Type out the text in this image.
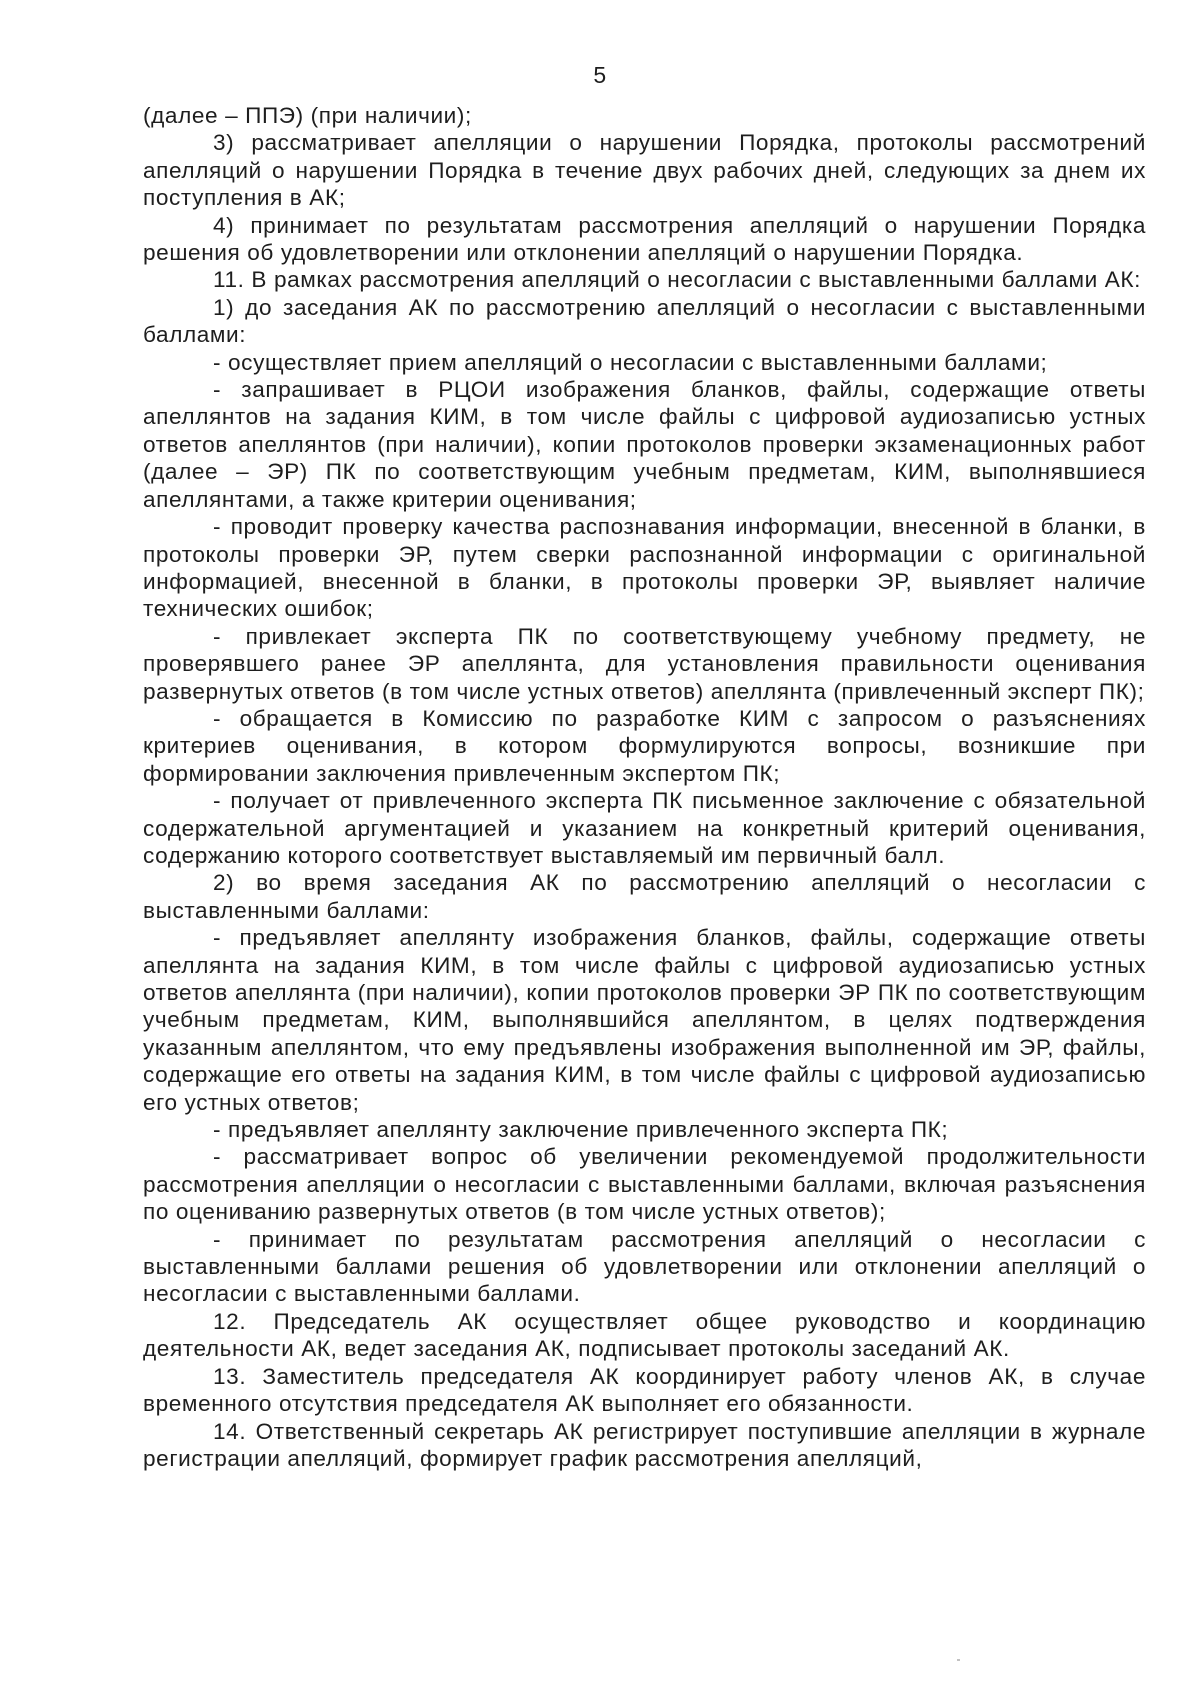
5

(далее – ППЭ) (при наличии);

3) рассматривает апелляции о нарушении Порядка, протоколы рассмотрений апелляций о нарушении Порядка в течение двух рабочих дней, следующих за днем их поступления в АК;

4) принимает по результатам рассмотрения апелляций о нарушении Порядка решения об удовлетворении или отклонении апелляций о нарушении Порядка.

11. В рамках рассмотрения апелляций о несогласии с выставленными баллами АК:

1) до заседания АК по рассмотрению апелляций о несогласии с выставленными баллами:

- осуществляет прием апелляций о несогласии с выставленными баллами;

- запрашивает в РЦОИ изображения бланков, файлы, содержащие ответы апеллянтов на задания КИМ, в том числе файлы с цифровой аудиозаписью устных ответов апеллянтов (при наличии), копии протоколов проверки экзаменационных работ (далее – ЭР) ПК по соответствующим учебным предметам, КИМ, выполнявшиеся апеллянтами, а также критерии оценивания;

- проводит проверку качества распознавания информации, внесенной в бланки, в протоколы проверки ЭР, путем сверки распознанной информации с оригинальной информацией, внесенной в бланки, в протоколы проверки ЭР, выявляет наличие технических ошибок;

- привлекает эксперта ПК по соответствующему учебному предмету, не проверявшего ранее ЭР апеллянта, для установления правильности оценивания развернутых ответов (в том числе устных ответов) апеллянта (привлеченный эксперт ПК);

- обращается в Комиссию по разработке КИМ с запросом о разъяснениях критериев оценивания, в котором формулируются вопросы, возникшие при формировании заключения привлеченным экспертом ПК;

- получает от привлеченного эксперта ПК письменное заключение с обязательной содержательной аргументацией и указанием на конкретный критерий оценивания, содержанию которого соответствует выставляемый им первичный балл.

2) во время заседания АК по рассмотрению апелляций о несогласии с выставленными баллами:

- предъявляет апеллянту изображения бланков, файлы, содержащие ответы апеллянта на задания КИМ, в том числе файлы с цифровой аудиозаписью устных ответов апеллянта (при наличии), копии протоколов проверки ЭР ПК по соответствующим учебным предметам, КИМ, выполнявшийся апеллянтом, в целях подтверждения указанным апеллянтом, что ему предъявлены изображения выполненной им ЭР, файлы, содержащие его ответы на задания КИМ, в том числе файлы с цифровой аудиозаписью его устных ответов;

- предъявляет апеллянту заключение привлеченного эксперта ПК;

- рассматривает вопрос об увеличении рекомендуемой продолжительности рассмотрения апелляции о несогласии с выставленными баллами, включая разъяснения по оцениванию развернутых ответов (в том числе устных ответов);

- принимает по результатам рассмотрения апелляций о несогласии с выставленными баллами решения об удовлетворении или отклонении апелляций о несогласии с выставленными баллами.

12. Председатель АК осуществляет общее руководство и координацию деятельности АК, ведет заседания АК, подписывает протоколы заседаний АК.

13. Заместитель председателя АК координирует работу членов АК, в случае временного отсутствия председателя АК выполняет его обязанности.

14. Ответственный секретарь АК регистрирует поступившие апелляции в журнале регистрации апелляций, формирует график рассмотрения апелляций,
